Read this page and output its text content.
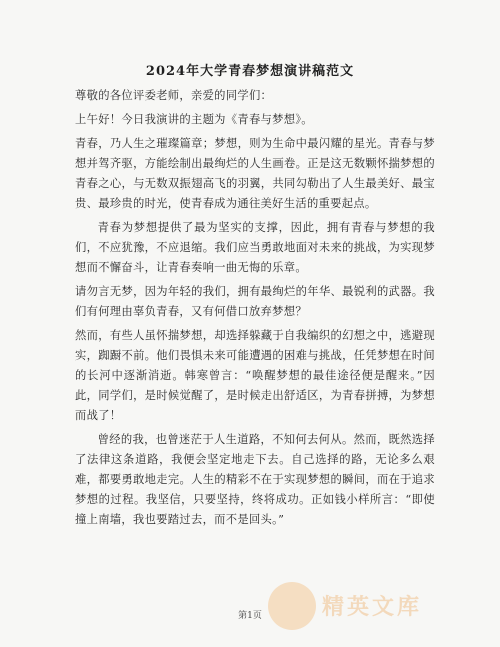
2024年大学青春梦想演讲稿范文

尊敬的各位评委老师，亲爱的同学们：

上午好！今日我演讲的主题为《青春与梦想》。

青春，乃人生之璀璨篇章；梦想，则为生命中最闪耀的星光。青春与梦想并驾齐驱，方能绘制出最绚烂的人生画卷。正是这无数颗怀揣梦想的青春之心，与无数双振翅高飞的羽翼，共同勾勒出了人生最美好、最宝贵、最珍贵的时光，使青春成为通往美好生活的重要起点。

青春为梦想提供了最为坚实的支撑，因此，拥有青春与梦想的我们，不应犹豫，不应退缩。我们应当勇敢地面对未来的挑战，为实现梦想而不懈奋斗，让青春奏响一曲无悔的乐章。

请勿言无梦，因为年轻的我们，拥有最绚烂的年华、最锐利的武器。我们有何理由辜负青春，又有何借口放弃梦想？

然而，有些人虽怀揣梦想，却选择躲藏于自我编织的幻想之中，逃避现实，踟蹰不前。他们畏惧未来可能遭遇的困难与挑战，任凭梦想在时间的长河中逐渐消逝。韩寒曾言：“唤醒梦想的最佳途径便是醒来。”因此，同学们，是时候觉醒了，是时候走出舒适区，为青春拼搏，为梦想而战了！

曾经的我，也曾迷茫于人生道路，不知何去何从。然而，既然选择了法律这条道路，我便会坚定地走下去。自己选择的路，无论多么艰难，都要勇敢地走完。人生的精彩不在于实现梦想的瞬间，而在于追求梦想的过程。我坚信，只要坚持，终将成功。正如钱小样所言：“即使撞上南墙，我也要踏过去，而不是回头。”

第1页	精英文库
